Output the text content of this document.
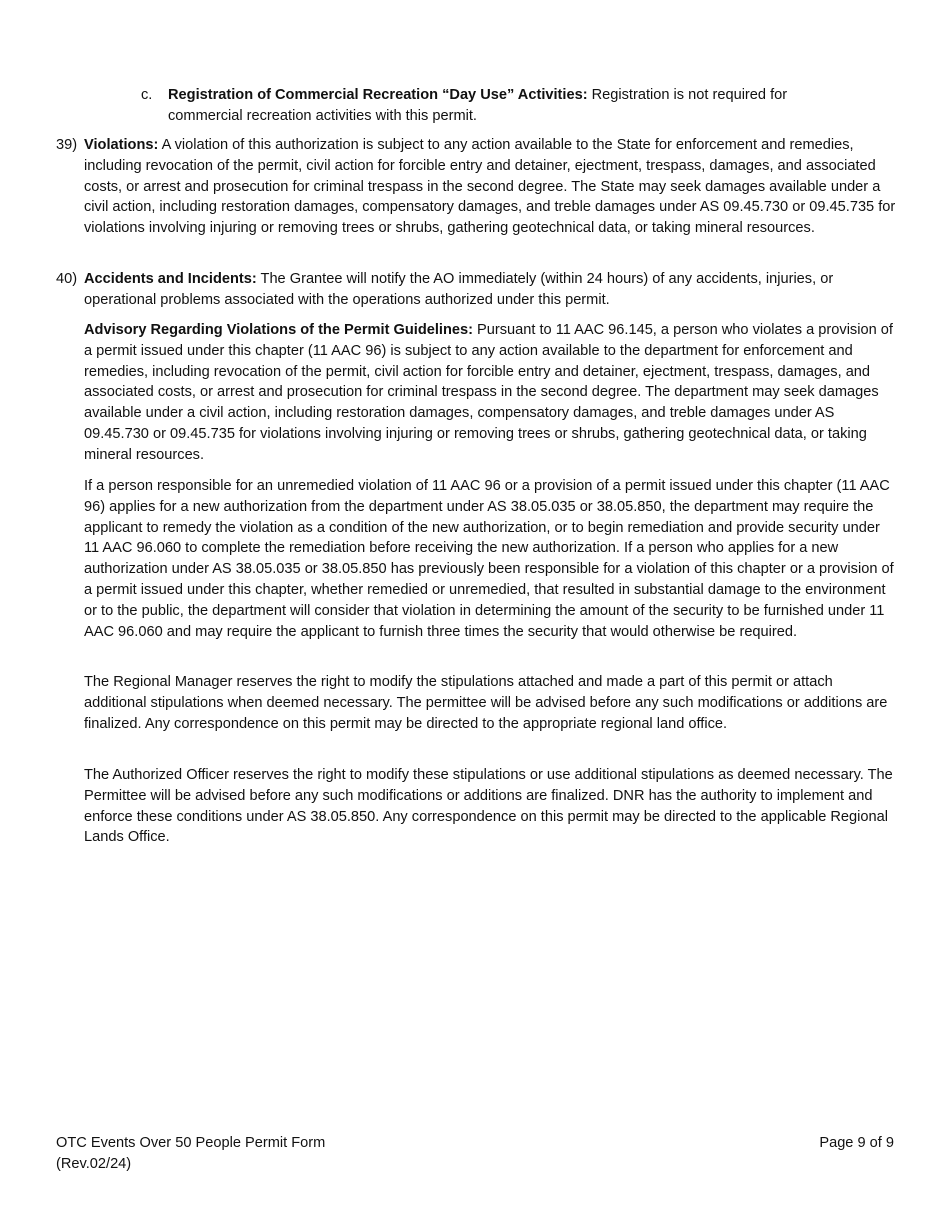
c. Registration of Commercial Recreation “Day Use” Activities: Registration is not required for commercial recreation activities with this permit.
39) Violations: A violation of this authorization is subject to any action available to the State for enforcement and remedies, including revocation of the permit, civil action for forcible entry and detainer, ejectment, trespass, damages, and associated costs, or arrest and prosecution for criminal trespass in the second degree. The State may seek damages available under a civil action, including restoration damages, compensatory damages, and treble damages under AS 09.45.730 or 09.45.735 for violations involving injuring or removing trees or shrubs, gathering geotechnical data, or taking mineral resources.
40) Accidents and Incidents: The Grantee will notify the AO immediately (within 24 hours) of any accidents, injuries, or operational problems associated with the operations authorized under this permit.
Advisory Regarding Violations of the Permit Guidelines: Pursuant to 11 AAC 96.145, a person who violates a provision of a permit issued under this chapter (11 AAC 96) is subject to any action available to the department for enforcement and remedies, including revocation of the permit, civil action for forcible entry and detainer, ejectment, trespass, damages, and associated costs, or arrest and prosecution for criminal trespass in the second degree. The department may seek damages available under a civil action, including restoration damages, compensatory damages, and treble damages under AS 09.45.730 or 09.45.735 for violations involving injuring or removing trees or shrubs, gathering geotechnical data, or taking mineral resources.
If a person responsible for an unremedied violation of 11 AAC 96 or a provision of a permit issued under this chapter (11 AAC 96) applies for a new authorization from the department under AS 38.05.035 or 38.05.850, the department may require the applicant to remedy the violation as a condition of the new authorization, or to begin remediation and provide security under 11 AAC 96.060 to complete the remediation before receiving the new authorization. If a person who applies for a new authorization under AS 38.05.035 or 38.05.850 has previously been responsible for a violation of this chapter or a provision of a permit issued under this chapter, whether remedied or unremedied, that resulted in substantial damage to the environment or to the public, the department will consider that violation in determining the amount of the security to be furnished under 11 AAC 96.060 and may require the applicant to furnish three times the security that would otherwise be required.
The Regional Manager reserves the right to modify the stipulations attached and made a part of this permit or attach additional stipulations when deemed necessary. The permittee will be advised before any such modifications or additions are finalized. Any correspondence on this permit may be directed to the appropriate regional land office.
The Authorized Officer reserves the right to modify these stipulations or use additional stipulations as deemed necessary. The Permittee will be advised before any such modifications or additions are finalized. DNR has the authority to implement and enforce these conditions under AS 38.05.850. Any correspondence on this permit may be directed to the applicable Regional Lands Office.
OTC Events Over 50 People Permit Form
(Rev.02/24)
Page 9 of 9
